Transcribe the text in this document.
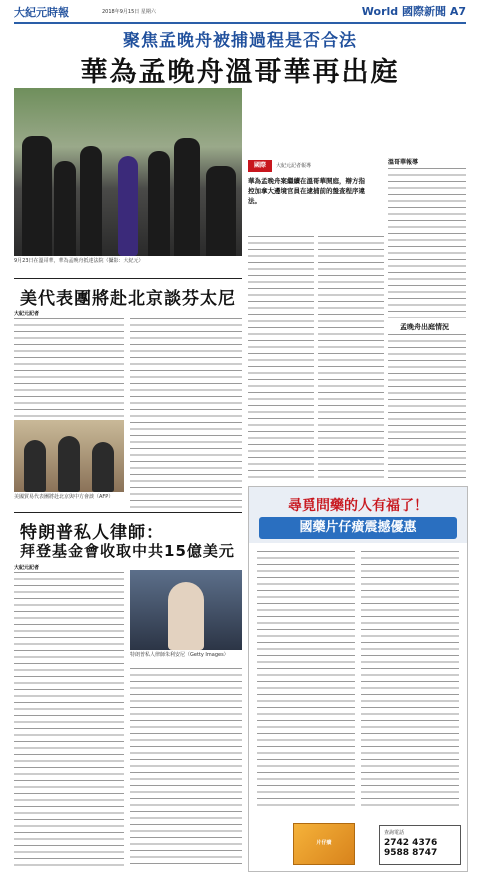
大紀元時報	2018年9月15日 星期六	World 國際新聞 A7
聚焦孟晚舟被捕過程是否合法
華為孟晚舟溫哥華再出庭
9月23日在溫哥華，華為孟晚舟抵達法院（攝影：大紀元）
國際	大紀元記者報導
華為孟晚舟案繼續在溫哥華開庭，辯方指控加拿大邊境官員在逮捕前的盤查程序違法。
溫哥華報導
孟晚舟出庭情況
美代表團將赴北京談芬太尼
大紀元記者
美國貿易代表團將赴北京與中方會談（AFP）
特朗普私人律師：
拜登基金會收取中共15億美元
大紀元記者
特朗普私人律師朱利安尼（Getty Images）
尋覓問藥的人有福了！
國藥片仔癀震撼優惠
片仔癀
查詢電話
2742 4376
9588 8747
